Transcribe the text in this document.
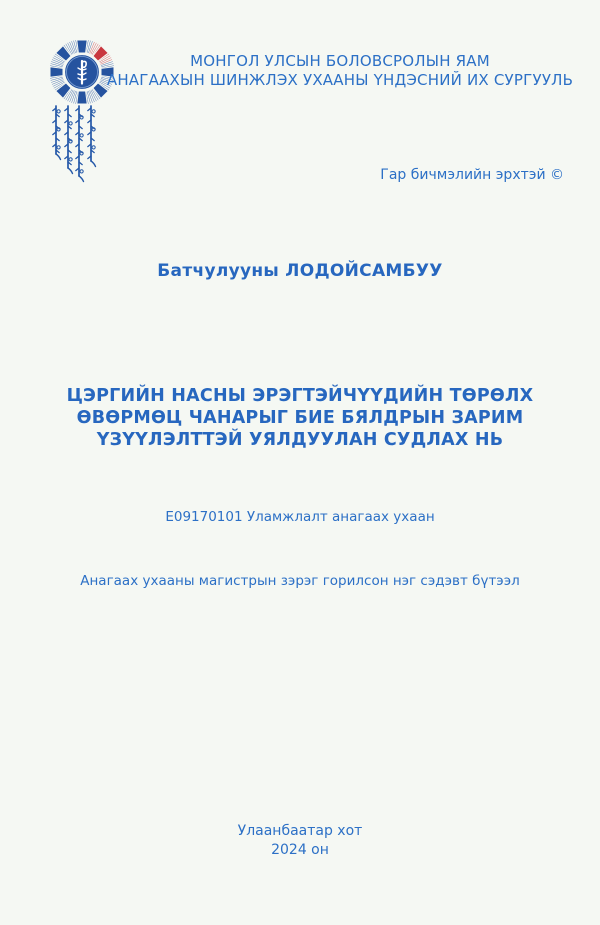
МОНГОЛ УЛСЫН БОЛОВСРОЛЫН ЯАМ
АНАГААХЫН ШИНЖЛЭХ УХААНЫ ҮНДЭСНИЙ ИХ СУРГУУЛЬ
Гар бичмэлийн эрхтэй ©
Батчулууны ЛОДОЙСАМБУУ
ЦЭРГИЙН НАСНЫ ЭРЭГТЭЙЧҮҮДИЙН ТӨРӨЛХ
ӨВӨРМӨЦ ЧАНАРЫГ БИЕ БЯЛДРЫН ЗАРИМ
ҮЗҮҮЛЭЛТТЭЙ УЯЛДУУЛАН СУДЛАХ НЬ
Е09170101 Уламжлалт анагаах ухаан
Анагаах ухааны магистрын зэрэг горилсон нэг сэдэвт бүтээл
Улаанбаатар хот
2024 он
